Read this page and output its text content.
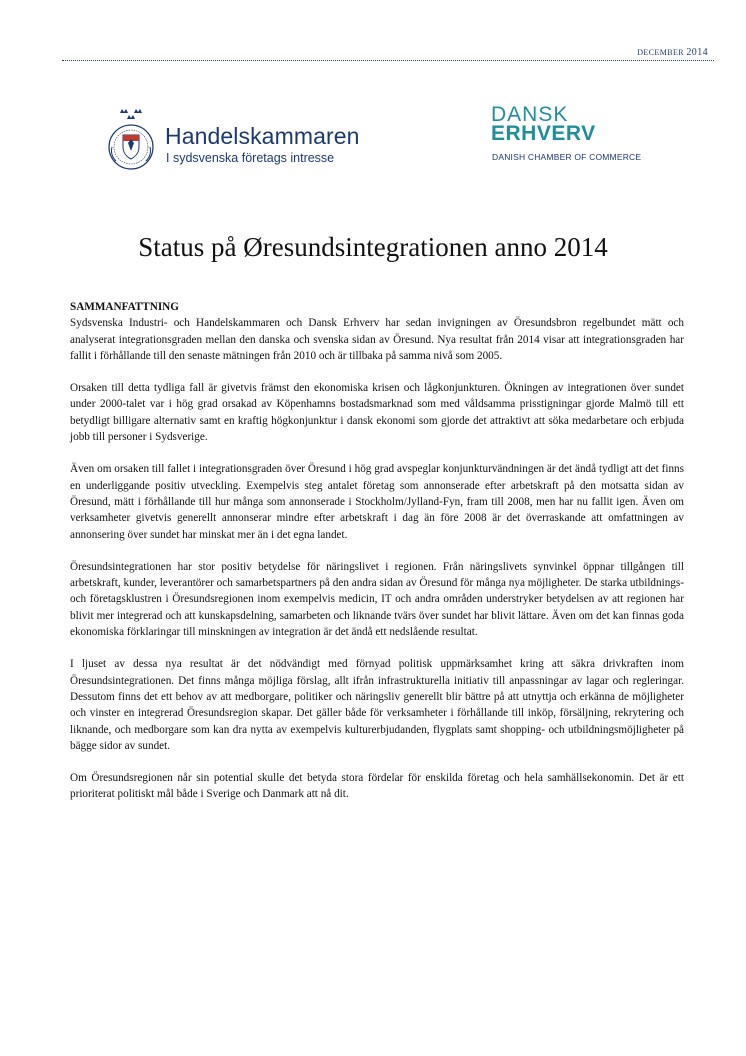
DECEMBER 2014
Handelskammaren
I sydsvenska företags intresse
DANSK
ERHVERV
DANISH CHAMBER OF COMMERCE
Status på Øresundsintegrationen anno 2014
SAMMANFATTNING

Sydsvenska Industri- och Handelskammaren och Dansk Erhverv har sedan invigningen av Öresundsbron regelbundet mätt och analyserat integrationsgraden mellan den danska och svenska sidan av Öresund. Nya resultat från 2014 visar att integrationsgraden har fallit i förhållande till den senaste mätningen från 2010 och är tillbaka på samma nivå som 2005.

Orsaken till detta tydliga fall är givetvis främst den ekonomiska krisen och lågkonjunkturen. Ökningen av integrationen över sundet under 2000-talet var i hög grad orsakad av Köpenhamns bostadsmarknad som med våldsamma prisstigningar gjorde Malmö till ett betydligt billigare alternativ samt en kraftig högkonjunktur i dansk ekonomi som gjorde det attraktivt att söka medarbetare och erbjuda jobb till personer i Sydsverige.

Även om orsaken till fallet i integrationsgraden över Öresund i hög grad avspeglar konjunkturvändningen är det ändå tydligt att det finns en underliggande positiv utveckling. Exempelvis steg antalet företag som annonserade efter arbetskraft på den motsatta sidan av Öresund, mätt i förhållande till hur många som annonserade i Stockholm/Jylland-Fyn, fram till 2008, men har nu fallit igen. Även om verksamheter givetvis generellt annonserar mindre efter arbetskraft i dag än före 2008 är det överraskande att omfattningen av annonsering över sundet har minskat mer än i det egna landet.

Öresundsintegrationen har stor positiv betydelse för näringslivet i regionen. Från näringslivets synvinkel öppnar tillgången till arbetskraft, kunder, leverantörer och samarbetspartners på den andra sidan av Öresund för många nya möjligheter. De starka utbildnings- och företagsklustren i Öresundsregionen inom exempelvis medicin, IT och andra områden understryker betydelsen av att regionen har blivit mer integrerad och att kunskapsdelning, samarbeten och liknande tvärs över sundet har blivit lättare. Även om det kan finnas goda ekonomiska förklaringar till minskningen av integration är det ändå ett nedslående resultat.

I ljuset av dessa nya resultat är det nödvändigt med förnyad politisk uppmärksamhet kring att säkra drivkraften inom Öresundsintegrationen. Det finns många möjliga förslag, allt ifrån infrastrukturella initiativ till anpassningar av lagar och regleringar. Dessutom finns det ett behov av att medborgare, politiker och näringsliv generellt blir bättre på att utnyttja och erkänna de möjligheter och vinster en integrerad Öresundsregion skapar. Det gäller både för verksamheter i förhållande till inköp, försäljning, rekrytering och liknande, och medborgare som kan dra nytta av exempelvis kulturerbjudanden, flygplats samt shopping- och utbildningsmöjligheter på bägge sidor av sundet.

Om Öresundsregionen når sin potential skulle det betyda stora fördelar för enskilda företag och hela samhällsekonomin. Det är ett prioriterat politiskt mål både i Sverige och Danmark att nå dit.
